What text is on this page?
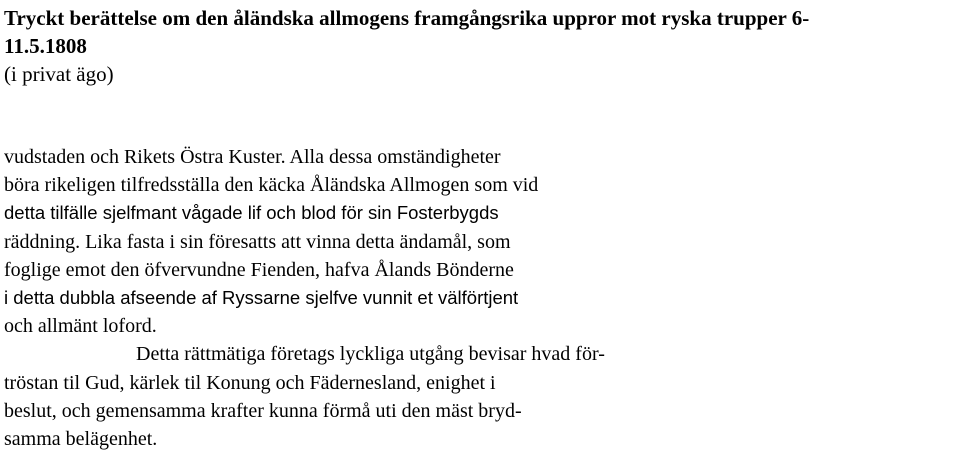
Tryckt berättelse om den åländska allmogens framgångsrika uppror mot ryska trupper 6-
11.5.1808
(i privat ägo)
vudstaden och Rikets Östra Kuster. Alla dessa omständigheter
böra rikeligen tilfredsställa den käcka Åländska Allmogen som vid
detta tilfälle sjelfmant vågade lif och blod för sin Fosterbygds
räddning. Lika fasta i sin föresatts att vinna detta ändamål, som
foglige emot den öfvervundne Fienden, hafva Ålands Bönderne
i detta dubbla afseende af Ryssarne sjelfve vunnit et välförtjent
och allmänt loford.
Detta rättmätiga företags lyckliga utgång bevisar hvad för-
tröstan til Gud, kärlek til Konung och Fädernesland, enighet i
beslut, och gemensamma krafter kunna förmå uti den mäst bryd-
samma belägenhet.
